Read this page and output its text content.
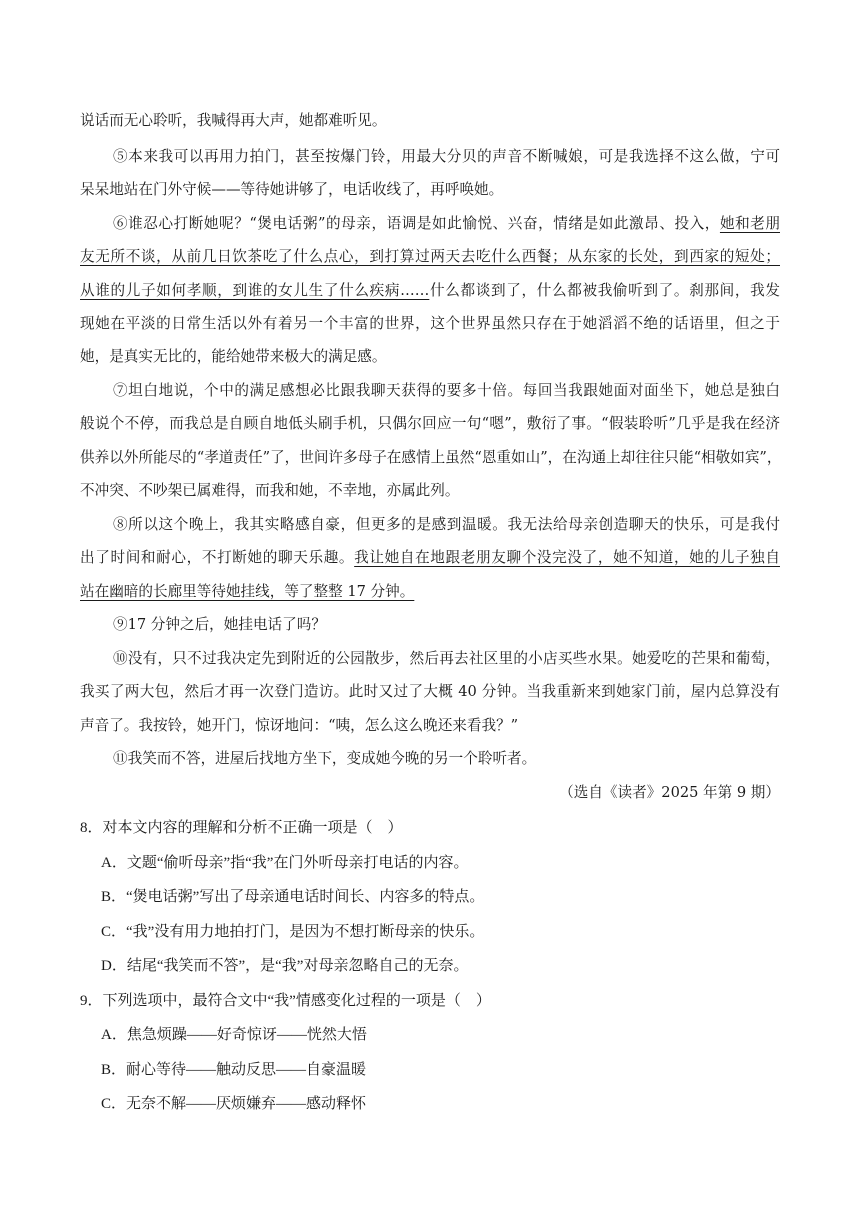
说话而无心聆听，我喊得再大声，她都难听见。
⑤本来我可以再用力拍门，甚至按爆门铃，用最大分贝的声音不断喊娘，可是我选择不这么做，宁可
呆呆地站在门外守候——等待她讲够了，电话收线了，再呼唤她。
⑥谁忍心打断她呢？“煲电话粥”的母亲，语调是如此愉悦、兴奋，情绪是如此激昂、投入，她和老朋
友无所不谈，从前几日饮茶吃了什么点心，到打算过两天去吃什么西餐；从东家的长处，到西家的短处；
从谁的儿子如何孝顺，到谁的女儿生了什么疾病……什么都谈到了，什么都被我偷听到了。刹那间，我发
现她在平淡的日常生活以外有着另一个丰富的世界，这个世界虽然只存在于她滔滔不绝的话语里，但之于
她，是真实无比的，能给她带来极大的满足感。
⑦坦白地说，个中的满足感想必比跟我聊天获得的要多十倍。每回当我跟她面对面坐下，她总是独白
般说个不停，而我总是自顾自地低头刷手机，只偶尔回应一句“嗯”，敷衍了事。“假装聆听”几乎是我在经济
供养以外所能尽的“孝道责任”了，世间许多母子在感情上虽然“恩重如山”，在沟通上却往往只能“相敬如宾”，
不冲突、不吵架已属难得，而我和她，不幸地，亦属此列。
⑧所以这个晚上，我其实略感自豪，但更多的是感到温暖。我无法给母亲创造聊天的快乐，可是我付
出了时间和耐心，不打断她的聊天乐趣。我让她自在地跟老朋友聊个没完没了，她不知道，她的儿子独自
站在幽暗的长廊里等待她挂线，等了整整 17 分钟。
⑨17 分钟之后，她挂电话了吗？
⑩没有，只不过我决定先到附近的公园散步，然后再去社区里的小店买些水果。她爱吃的芒果和葡萄，
我买了两大包，然后才再一次登门造访。此时又过了大概 40 分钟。当我重新来到她家门前，屋内总算没有
声音了。我按铃，她开门，惊讶地问：“咦，怎么这么晚还来看我？”
⑪我笑而不答，进屋后找地方坐下，变成她今晚的另一个聆听者。
（选自《读者》2025 年第 9 期）
8．对本文内容的理解和分析不正确一项是（　）
A．文题“偷听母亲”指“我”在门外听母亲打电话的内容。
B．“煲电话粥”写出了母亲通电话时间长、内容多的特点。
C．“我”没有用力地拍打门，是因为不想打断母亲的快乐。
D．结尾“我笑而不答”，是“我”对母亲忽略自己的无奈。
9．下列选项中，最符合文中“我”情感变化过程的一项是（　）
A．焦急烦躁——好奇惊讶——恍然大悟
B．耐心等待——触动反思——自豪温暖
C．无奈不解——厌烦嫌弃——感动释怀
